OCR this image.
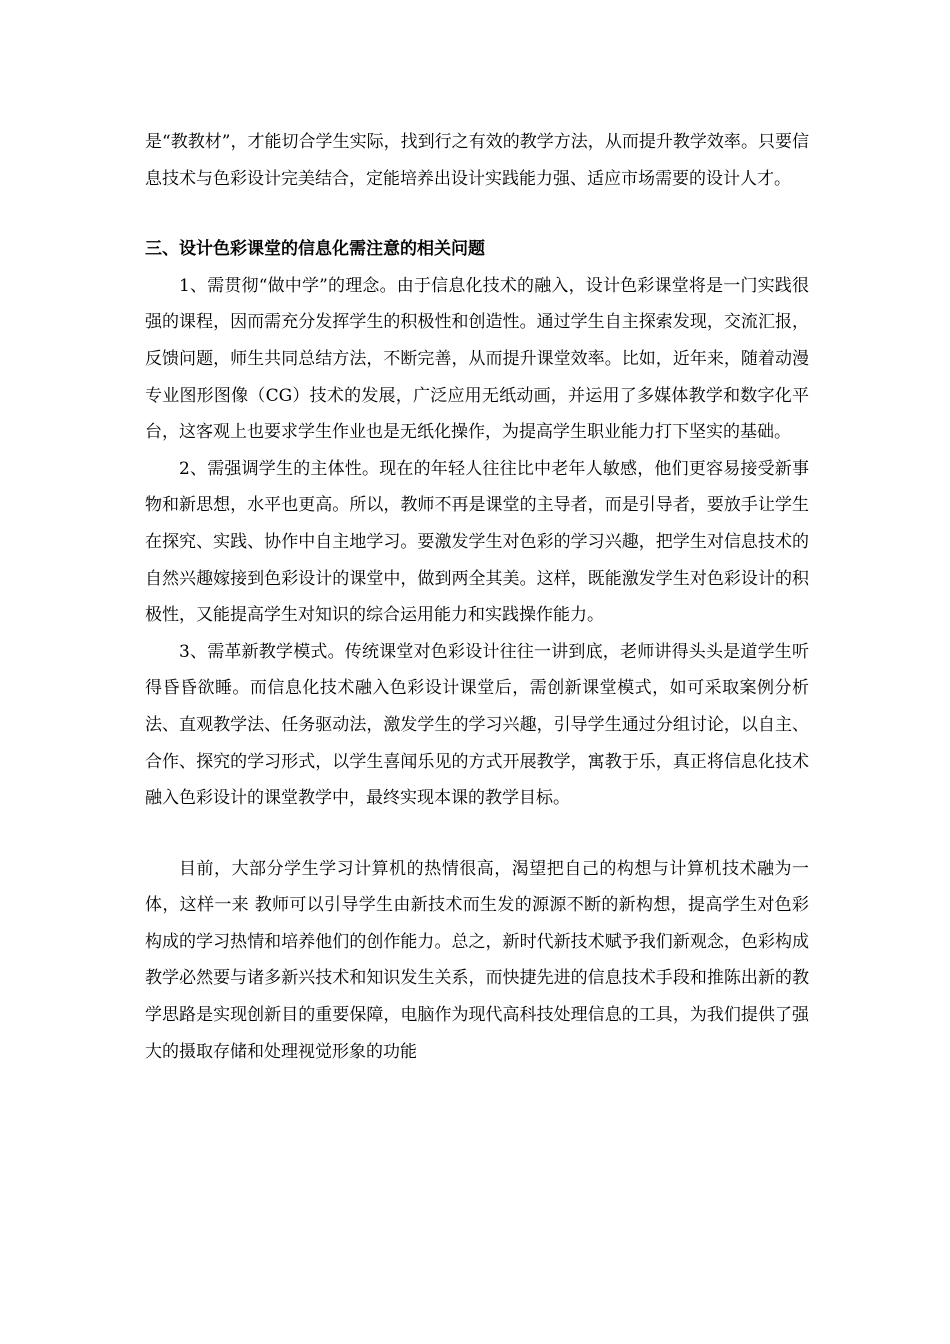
是“教教材”，才能切合学生实际，找到行之有效的教学方法，从而提升教学效率。只要信息技术与色彩设计完美结合，定能培养出设计实践能力强、适应市场需要的设计人才。

三、设计色彩课堂的信息化需注意的相关问题

1、需贯彻“做中学”的理念。由于信息化技术的融入，设计色彩课堂将是一门实践很强的课程，因而需充分发挥学生的积极性和创造性。通过学生自主探索发现，交流汇报，反馈问题，师生共同总结方法，不断完善，从而提升课堂效率。比如，近年来，随着动漫专业图形图像（CG）技术的发展，广泛应用无纸动画，并运用了多媒体教学和数字化平台，这客观上也要求学生作业也是无纸化操作，为提高学生职业能力打下坚实的基础。

2、需强调学生的主体性。现在的年轻人往往比中老年人敏感，他们更容易接受新事物和新思想，水平也更高。所以，教师不再是课堂的主导者，而是引导者，要放手让学生在探究、实践、协作中自主地学习。要激发学生对色彩的学习兴趣，把学生对信息技术的自然兴趣嫁接到色彩设计的课堂中，做到两全其美。这样，既能激发学生对色彩设计的积极性，又能提高学生对知识的综合运用能力和实践操作能力。

3、需革新教学模式。传统课堂对色彩设计往往一讲到底，老师讲得头头是道学生听得昏昏欲睡。而信息化技术融入色彩设计课堂后，需创新课堂模式，如可采取案例分析法、直观教学法、任务驱动法，激发学生的学习兴趣，引导学生通过分组讨论，以自主、合作、探究的学习形式，以学生喜闻乐见的方式开展教学，寓教于乐，真正将信息化技术融入色彩设计的课堂教学中，最终实现本课的教学目标。

目前，大部分学生学习计算机的热情很高，渴望把自己的构想与计算机技术融为一体，这样一来 教师可以引导学生由新技术而生发的源源不断的新构想，提高学生对色彩构成的学习热情和培养他们的创作能力。总之，新时代新技术赋予我们新观念，色彩构成教学必然要与诸多新兴技术和知识发生关系，而快捷先进的信息技术手段和推陈出新的教学思路是实现创新目的重要保障，电脑作为现代高科技处理信息的工具，为我们提供了强大的摄取存储和处理视觉形象的功能
